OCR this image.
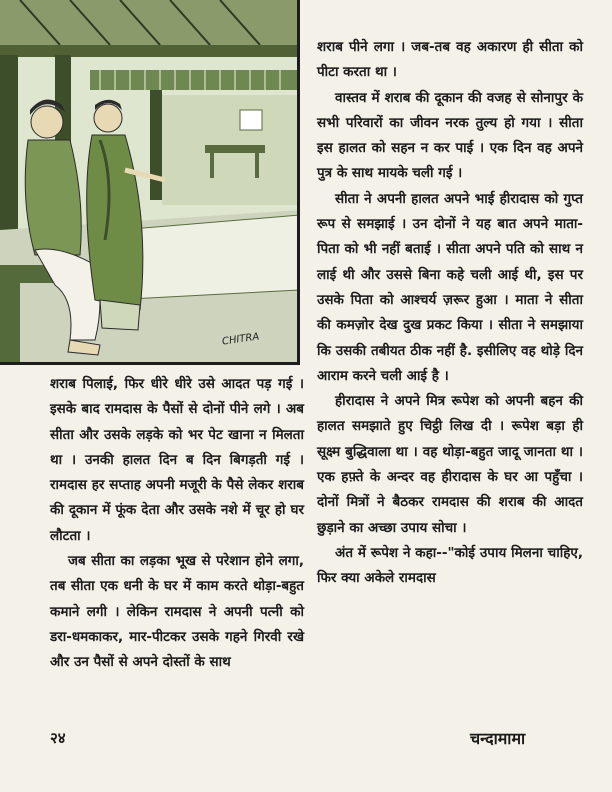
CHITRA

शराब पिलाई, फिर धीरे धीरे उसे आदत पड़ गई । इसके बाद रामदास के पैसों से दोनों पीने लगे । अब सीता और उसके लड़के को भर पेट खाना न मिलता था । उनकी हालत दिन ब दिन बिगड़ती गई । रामदास हर सप्ताह अपनी मजूरी के पैसे लेकर शराब की दूकान में फूंक देता और उसके नशे में चूर हो घर लौटता ।

जब सीता का लड़का भूख से परेशान होने लगा, तब सीता एक धनी के घर में काम करते थोड़ा-बहुत कमाने लगी । लेकिन रामदास ने अपनी पत्नी को डरा-धमकाकर, मार-पीटकर उसके गहने गिरवी रखे और उन पैसों से अपने दोस्तों के साथ

शराब पीने लगा । जब-तब वह अकारण ही सीता को पीटा करता था ।

वास्तव में शराब की दूकान की वजह से सोनापुर के सभी परिवारों का जीवन नरक तुल्य हो गया । सीता इस हालत को सहन न कर पाई । एक दिन वह अपने पुत्र के साथ मायके चली गई ।

सीता ने अपनी हालत अपने भाई हीरादास को गुप्त रूप से समझाई । उन दोनों ने यह बात अपने माता-पिता को भी नहीं बताई । सीता अपने पति को साथ न लाई थी और उससे बिना कहे चली आई थी, इस पर उसके पिता को आश्चर्य ज़रूर हुआ । माता ने सीता की कमज़ोर देख दुख प्रकट किया । सीता ने समझाया कि उसकी तबीयत ठीक नहीं है. इसीलिए वह थोड़े दिन आराम करने चली आई है ।

हीरादास ने अपने मित्र रूपेश को अपनी बहन की हालत समझाते हुए चिट्ठी लिख दी । रूपेश बड़ा ही सूक्ष्म बुद्धिवाला था । वह थोड़ा-बहुत जादू जानता था । एक हफ़्ते के अन्दर वह हीरादास के घर आ पहुँचा । दोनों मित्रों ने बैठकर रामदास की शराब की आदत छुड़ाने का अच्छा उपाय सोचा ।

अंत में रूपेश ने कहा--"कोई उपाय मिलना चाहिए, फिर क्या अकेले रामदास

२४	चन्दामामा
